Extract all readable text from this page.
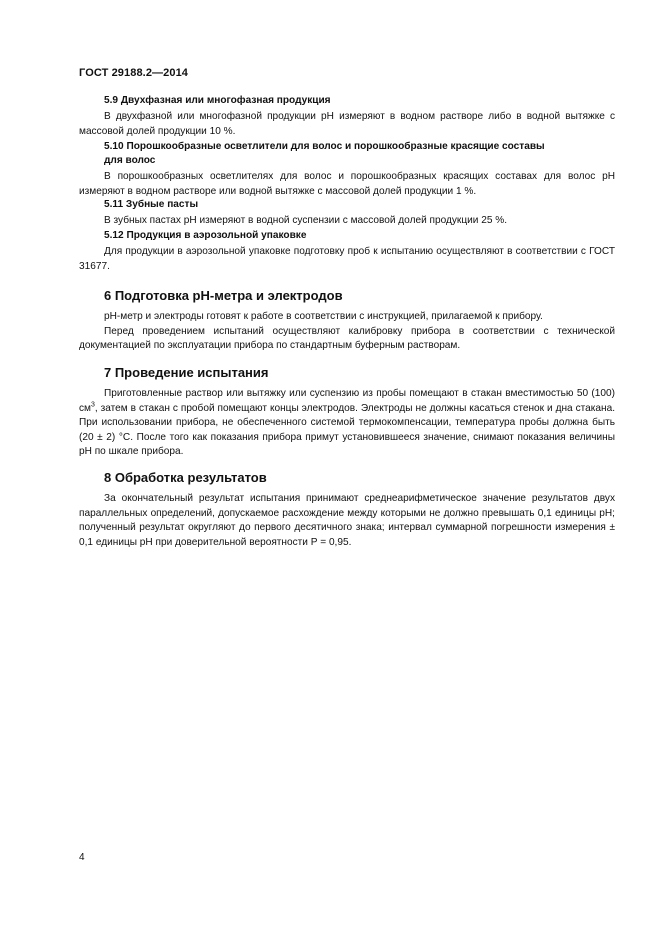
ГОСТ 29188.2—2014
5.9 Двухфазная или многофазная продукция

В двухфазной или многофазной продукции pH измеряют в водном растворе либо в водной вытяжке с массовой долей продукции 10 %.

5.10 Порошкообразные осветлители для волос и порошкообразные красящие составы
для волос

В порошкообразных осветлителях для волос и порошкообразных красящих составах для волос pH измеряют в водном растворе или водной вытяжке с массовой долей продукции 1 %.

5.11 Зубные пасты

В зубных пастах pH измеряют в водной суспензии с массовой долей продукции 25 %.

5.12 Продукция в аэрозольной упаковке

Для продукции в аэрозольной упаковке подготовку проб к испытанию осуществляют в соответствии с ГОСТ 31677.

6 Подготовка pH-метра и электродов

pH-метр и электроды готовят к работе в соответствии с инструкцией, прилагаемой к прибору.

Перед проведением испытаний осуществляют калибровку прибора в соответствии с технической документацией по эксплуатации прибора по стандартным буферным растворам.

7 Проведение испытания

Приготовленные раствор или вытяжку или суспензию из пробы помещают в стакан вместимостью 50 (100) $см^3$, затем в стакан с пробой помещают концы электродов. Электроды не должны касаться стенок и дна стакана. При использовании прибора, не обеспеченного системой термокомпенсации, температура пробы должна быть (20 ± 2) °С. После того как показания прибора примут установившееся значение, снимают показания величины pH по шкале прибора.

8 Обработка результатов

За окончательный результат испытания принимают среднеарифметическое значение результатов двух параллельных определений, допускаемое расхождение между которыми не должно превышать 0,1 единицы pH; полученный результат округляют до первого десятичного знака; интервал суммарной погрешности измерения ± 0,1 единицы pH при доверительной вероятности Р = 0,95.

4
